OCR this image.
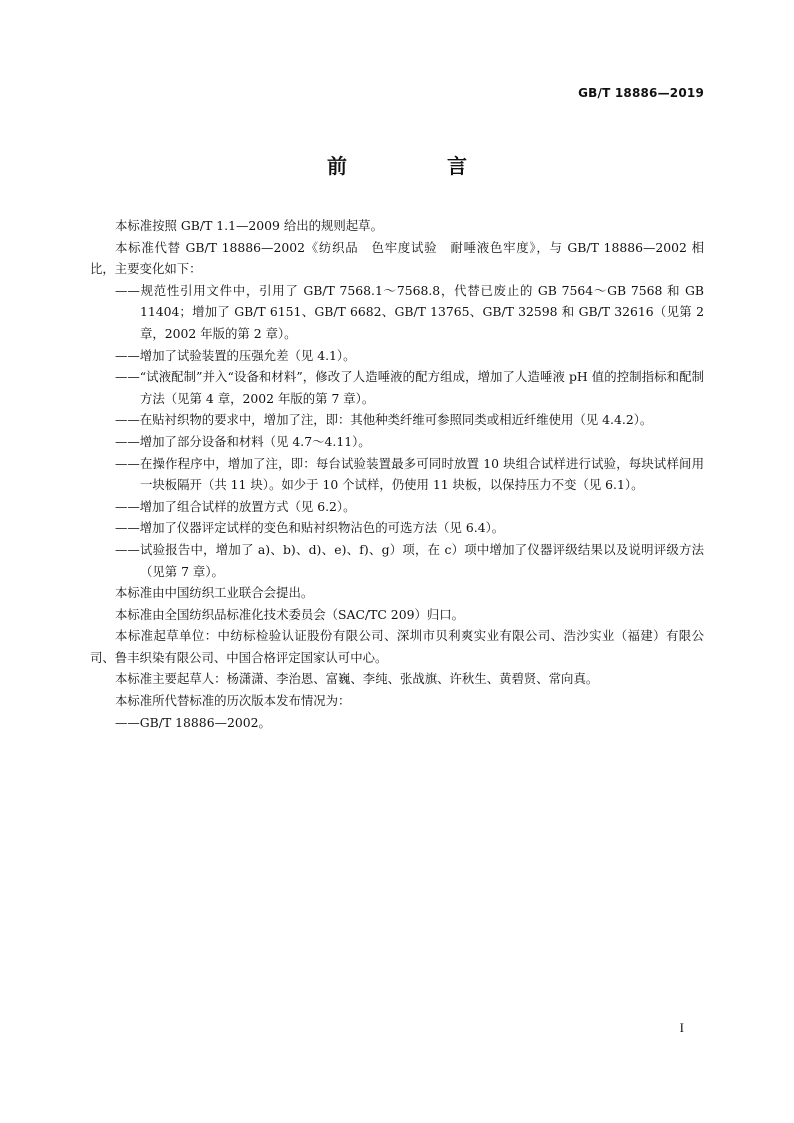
GB/T 18886—2019
前　言

本标准按照 GB/T 1.1—2009 给出的规则起草。

本标准代替 GB/T 18886—2002《纺织品　色牢度试验　耐唾液色牢度》，与 GB/T 18886—2002 相比，主要变化如下：

——规范性引用文件中，引用了 GB/T 7568.1～7568.8，代替已废止的 GB 7564～GB 7568 和 GB 11404；增加了 GB/T 6151、GB/T 6682、GB/T 13765、GB/T 32598 和 GB/T 32616（见第 2 章，2002 年版的第 2 章）。

——增加了试验装置的压强允差（见 4.1）。

——“试液配制”并入“设备和材料”，修改了人造唾液的配方组成，增加了人造唾液 pH 值的控制指标和配制方法（见第 4 章，2002 年版的第 7 章）。

——在贴衬织物的要求中，增加了注，即：其他种类纤维可参照同类或相近纤维使用（见 4.4.2）。

——增加了部分设备和材料（见 4.7～4.11）。

——在操作程序中，增加了注，即：每台试验装置最多可同时放置 10 块组合试样进行试验，每块试样间用一块板隔开（共 11 块）。如少于 10 个试样，仍使用 11 块板，以保持压力不变（见 6.1）。

——增加了组合试样的放置方式（见 6.2）。

——增加了仪器评定试样的变色和贴衬织物沾色的可选方法（见 6.4）。

——试验报告中，增加了 a)、b)、d)、e)、f)、g）项，在 c）项中增加了仪器评级结果以及说明评级方法（见第 7 章）。

本标准由中国纺织工业联合会提出。

本标准由全国纺织品标准化技术委员会（SAC/TC 209）归口。

本标准起草单位：中纺标检验认证股份有限公司、深圳市贝利爽实业有限公司、浩沙实业（福建）有限公司、鲁丰织染有限公司、中国合格评定国家认可中心。

本标准主要起草人：杨潇潇、李治恩、富巍、李纯、张战旗、许秋生、黄碧贤、常向真。

本标准所代替标准的历次版本发布情况为：

——GB/T 18886—2002。

I
